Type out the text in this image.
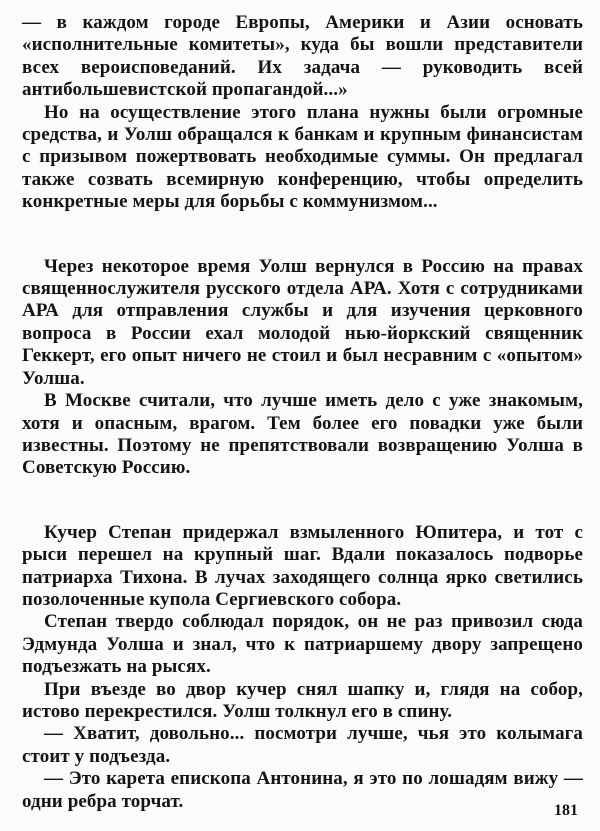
— в каждом городе Европы, Америки и Азии основать «исполнительные комитеты», куда бы вошли представители всех вероисповеданий. Их задача — руководить всей антибольшевистской пропагандой...»

Но на осуществление этого плана нужны были огромные средства, и Уолш обращался к банкам и крупным финансистам с призывом пожертвовать необходимые суммы. Он предлагал также созвать всемирную конференцию, чтобы определить конкретные меры для борьбы с коммунизмом...

Через некоторое время Уолш вернулся в Россию на правах священнослужителя русского отдела АРА. Хотя с сотрудниками АРА для отправления службы и для изучения церковного вопроса в России ехал молодой нью-йоркский священник Геккерт, его опыт ничего не стоил и был несравним с «опытом» Уолша.

В Москве считали, что лучше иметь дело с уже знакомым, хотя и опасным, врагом. Тем более его повадки уже были известны. Поэтому не препятствовали возвращению Уолша в Советскую Россию.

Кучер Степан придержал взмыленного Юпитера, и тот с рыси перешел на крупный шаг. Вдали показалось подворье патриарха Тихона. В лучах заходящего солнца ярко светились позолоченные купола Сергиевского собора.

Степан твердо соблюдал порядок, он не раз привозил сюда Эдмунда Уолша и знал, что к патриаршему двору запрещено подъезжать на рысях.

При въезде во двор кучер снял шапку и, глядя на собор, истово перекрестился. Уолш толкнул его в спину.

— Хватит, довольно... посмотри лучше, чья это колымага стоит у подъезда.

— Это карета епископа Антонина, я это по лошадям вижу — одни ребра торчат.	181
